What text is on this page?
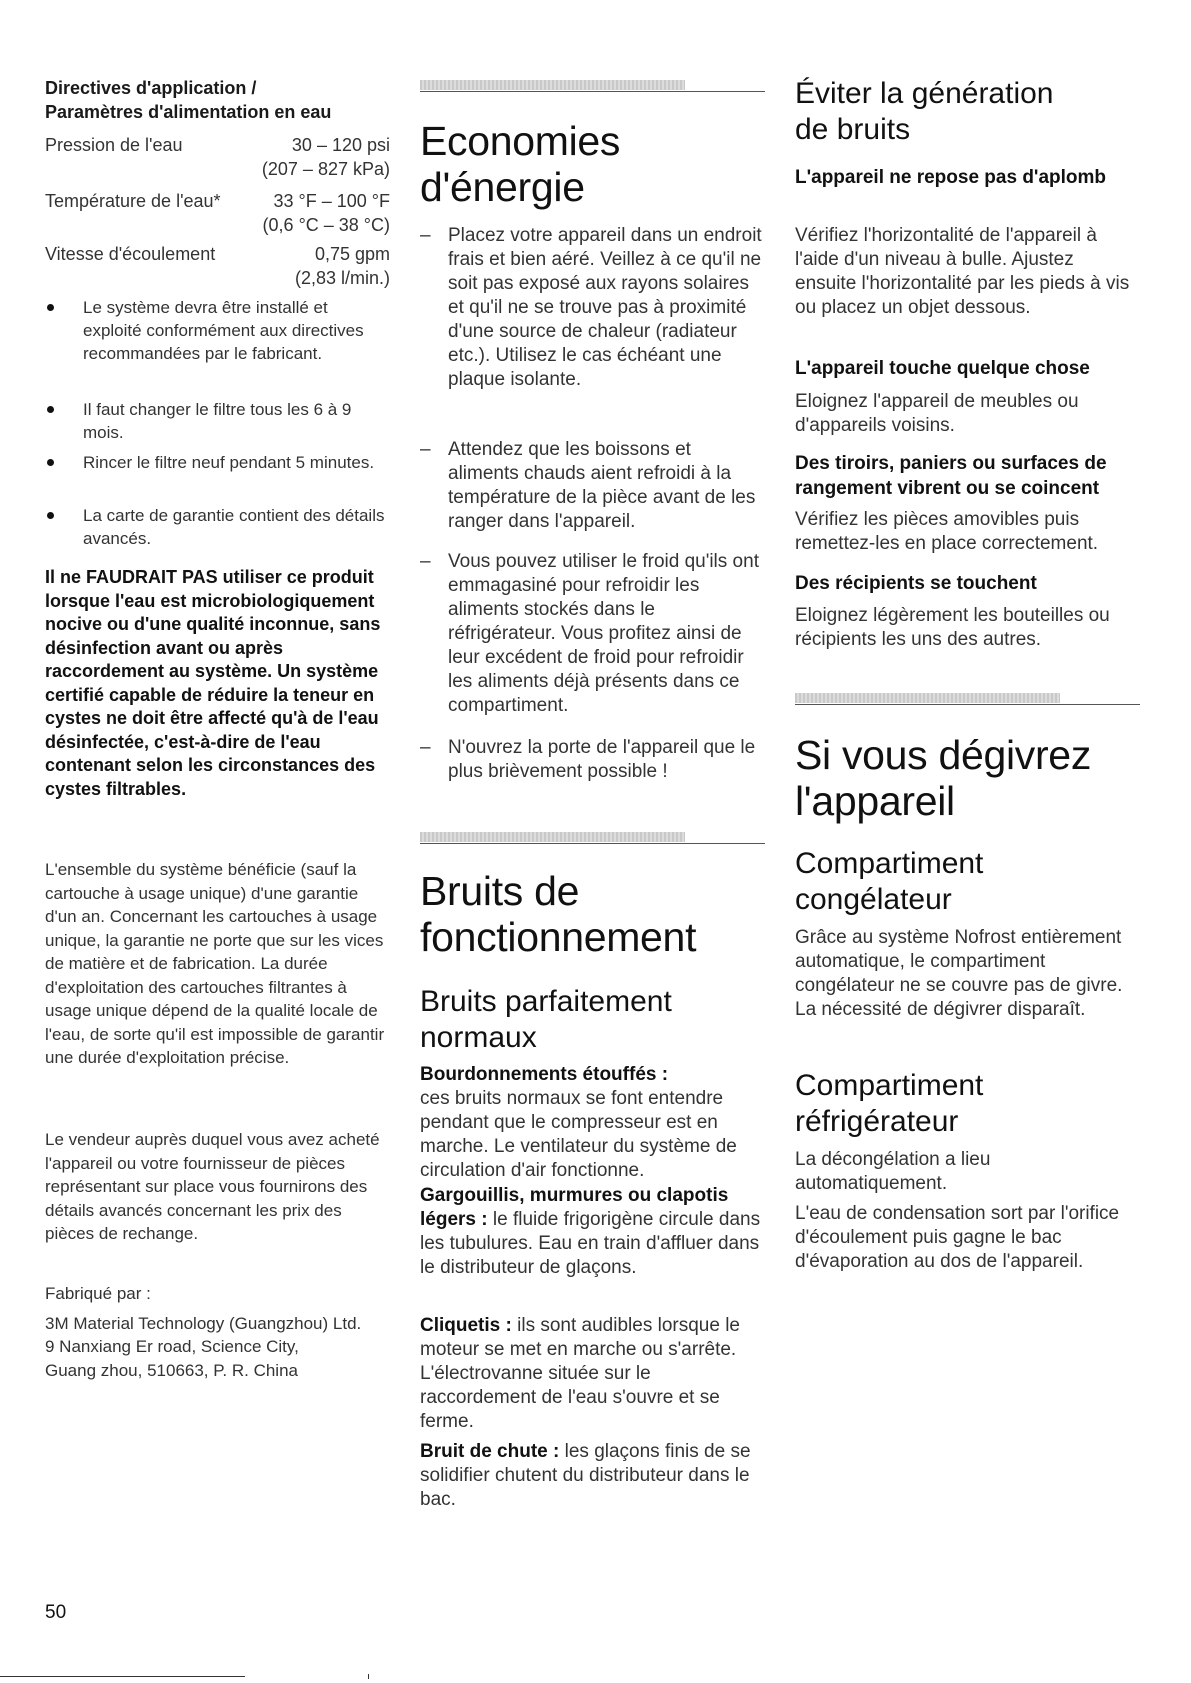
Directives d'application /
Paramètres d'alimentation en eau
Pression de l'eau	30 – 120 psi
(207 – 827 kPa)
Température de l'eau*	33 °F – 100 °F
(0,6 °C – 38 °C)
Vitesse d'écoulement	0,75 gpm
(2,83 l/min.)
Le système devra être installé et exploité conformément aux directives recommandées par le fabricant.
Il faut changer le filtre tous les 6 à 9 mois.
Rincer le filtre neuf pendant 5 minutes.
La carte de garantie contient des détails avancés.
Il ne FAUDRAIT PAS utiliser ce produit lorsque l'eau est microbiologiquement nocive ou d'une qualité inconnue, sans désinfection avant ou après raccordement au système. Un système certifié capable de réduire la teneur en cystes ne doit être affecté qu'à de l'eau désinfectée, c'est-à-dire de l'eau contenant selon les circonstances des cystes filtrables.
L'ensemble du système bénéficie (sauf la cartouche à usage unique) d'une garantie d'un an. Concernant les cartouches à usage unique, la garantie ne porte que sur les vices de matière et de fabrication. La durée d'exploitation des cartouches filtrantes à usage unique dépend de la qualité locale de l'eau, de sorte qu'il est impossible de garantir une durée d'exploitation précise.
Le vendeur auprès duquel vous avez acheté l'appareil ou votre fournisseur de pièces représentant sur place vous fournirons des détails avancés concernant les prix des pièces de rechange.
Fabriqué par :
3M Material Technology (Guangzhou) Ltd.
9 Nanxiang Er road, Science City,
Guang zhou, 510663, P. R. China
Economies
d'énergie
– Placez votre appareil dans un endroit frais et bien aéré. Veillez à ce qu'il ne soit pas exposé aux rayons solaires et qu'il ne se trouve pas à proximité d'une source de chaleur (radiateur etc.). Utilisez le cas échéant une plaque isolante.
– Attendez que les boissons et aliments chauds aient refroidi à la température de la pièce avant de les ranger dans l'appareil.
– Vous pouvez utiliser le froid qu'ils ont emmagasiné pour refroidir les aliments stockés dans le réfrigérateur. Vous profitez ainsi de leur excédent de froid pour refroidir les aliments déjà présents dans ce compartiment.
– N'ouvrez la porte de l'appareil que le plus brièvement possible !
Bruits de
fonctionnement
Bruits parfaitement
normaux
Bourdonnements étouffés :
ces bruits normaux se font entendre pendant que le compresseur est en marche. Le ventilateur du système de circulation d'air fonctionne.
Gargouillis, murmures ou clapotis légers : le fluide frigorigène circule dans les tubulures. Eau en train d'affluer dans le distributeur de glaçons.
Cliquetis : ils sont audibles lorsque le moteur se met en marche ou s'arrête. L'électrovanne située sur le raccordement de l'eau s'ouvre et se ferme.
Bruit de chute : les glaçons finis de se solidifier chutent du distributeur dans le bac.
Éviter la génération
de bruits
L'appareil ne repose pas d'aplomb
Vérifiez l'horizontalité de l'appareil à l'aide d'un niveau à bulle. Ajustez ensuite l'horizontalité par les pieds à vis ou placez un objet dessous.
L'appareil touche quelque chose
Eloignez l'appareil de meubles ou d'appareils voisins.
Des tiroirs, paniers ou surfaces de rangement vibrent ou se coincent
Vérifiez les pièces amovibles puis remettez-les en place correctement.
Des récipients se touchent
Eloignez légèrement les bouteilles ou récipients les uns des autres.
Si vous dégivrez
l'appareil
Compartiment
congélateur
Grâce au système Nofrost entièrement automatique, le compartiment congélateur ne se couvre pas de givre. La nécessité de dégivrer disparaît.
Compartiment
réfrigérateur
La décongélation a lieu automatiquement.
L'eau de condensation sort par l'orifice d'écoulement puis gagne le bac d'évaporation au dos de l'appareil.
50
